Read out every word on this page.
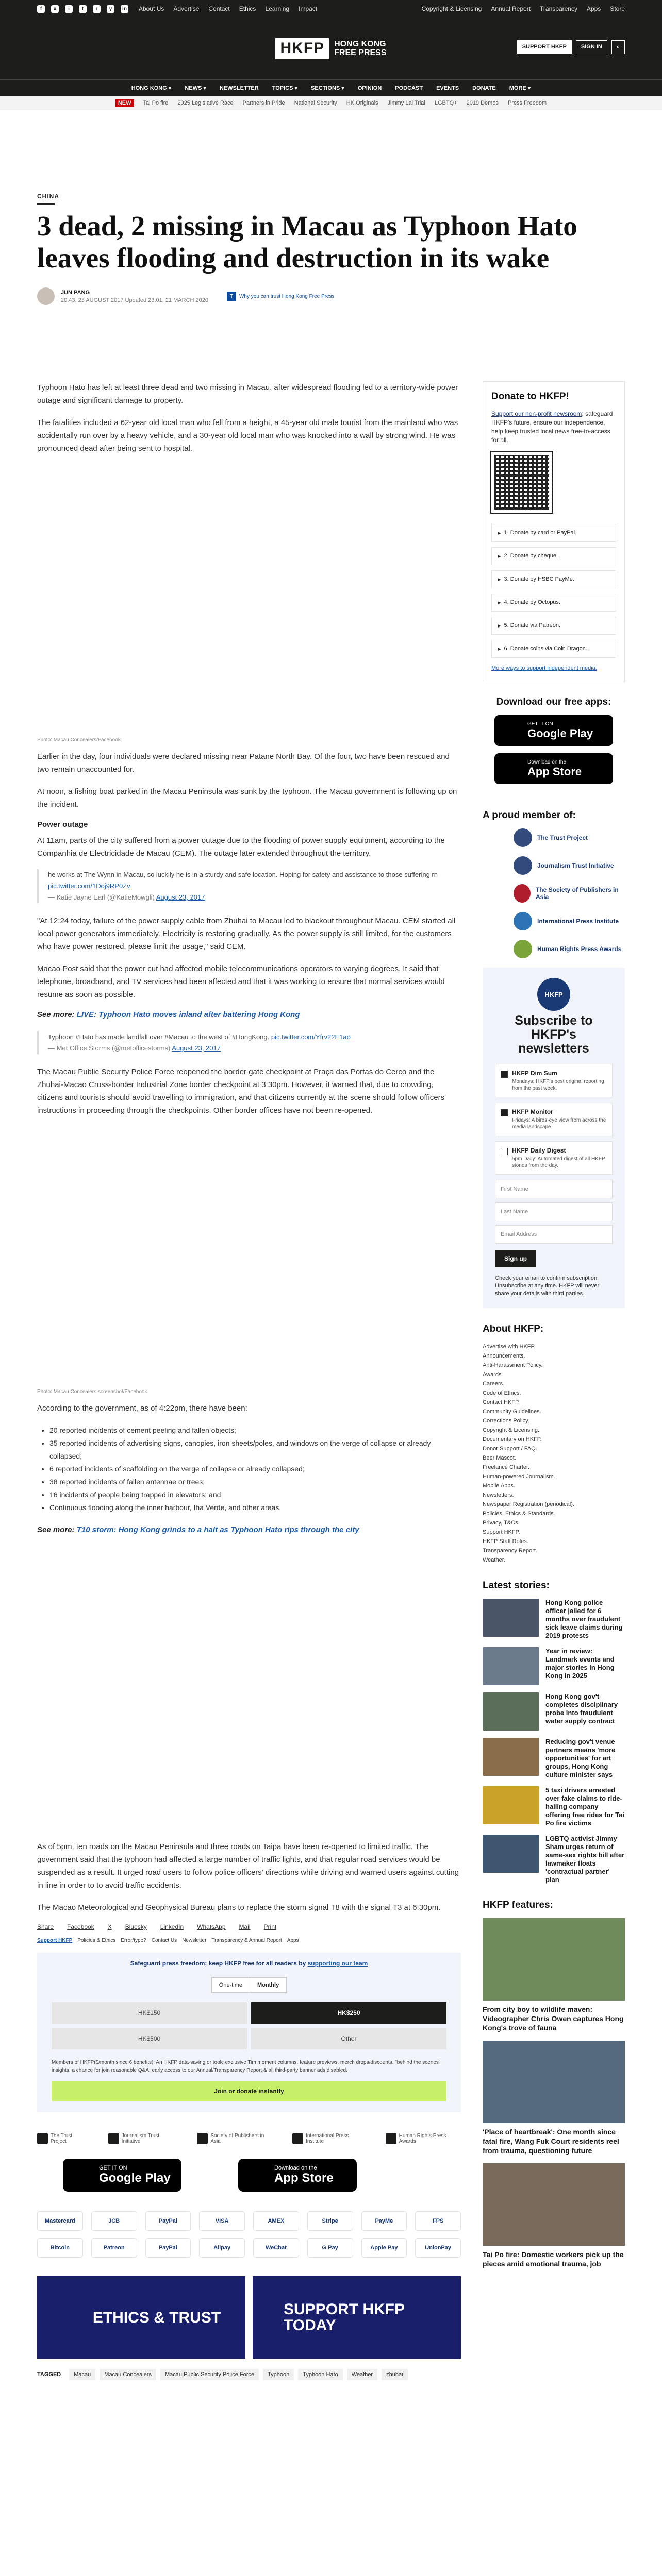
f	x	i	t	r	y	in About Us Advertise Contact Ethics Learning Impact	Copyright & Licensing Annual Report Transparency Apps Store
HKFP	HONG KONG
FREE PRESS
SUPPORT HKFP	SIGN IN	⌕
HONG KONG ▾ NEWS ▾ NEWSLETTER TOPICS ▾ SECTIONS ▾ OPINION PODCAST EVENTS DONATE MORE ▾
NEW	Tai Po fire 2025 Legislative Race Partners in Pride National Security HK Originals Jimmy Lai Trial LGBTQ+ 2019 Demos Press Freedom
CHINA
3 dead, 2 missing in Macau as Typhoon Hato leaves flooding and destruction in its wake
JUN PANG
20:43, 23 AUGUST 2017 Updated 23:01, 21 MARCH 2020
T	Why you can trust Hong Kong Free Press

Typhoon Hato has left at least three dead and two missing in Macau, after widespread flooding led to a territory-wide power outage and significant damage to property.

The fatalities included a 62-year old local man who fell from a height, a 45-year old male tourist from the mainland who was accidentally run over by a heavy vehicle, and a 30-year old local man who was knocked into a wall by strong wind. He was pronounced dead after being sent to hospital.

Photo: Macau Concealers/Facebook.

Earlier in the day, four individuals were declared missing near Patane North Bay. Of the four, two have been rescued and two remain unaccounted for.

At noon, a fishing boat parked in the Macau Peninsula was sunk by the typhoon. The Macau government is following up on the incident.

Power outage

At 11am, parts of the city suffered from a power outage due to the flooding of power supply equipment, according to the Companhia de Electricidade de Macau (CEM). The outage later extended throughout the territory.

he works at The Wynn in Macau, so luckily he is in a sturdy and safe location. Hoping for safety and assistance to those suffering rn pic.twitter.com/1Doj9RP0Zv
— Katie Jayne Earl (@KatieMowgli) August 23, 2017

"At 12:24 today, failure of the power supply cable from Zhuhai to Macau led to blackout throughout Macau. CEM started all local power generators immediately. Electricity is restoring gradually. As the power supply is still limited, for the customers who have power restored, please limit the usage," said CEM.

Macao Post said that the power cut had affected mobile telecommunications operators to varying degrees. It said that telephone, broadband, and TV services had been affected and that it was working to ensure that normal services would resume as soon as possible.

See more: LIVE: Typhoon Hato moves inland after battering Hong Kong
Typhoon #Hato has made landfall over #Macau to the west of #HongKong. pic.twitter.com/Yfrv22E1ao
— Met Office Storms (@metofficestorms) August 23, 2017

The Macau Public Security Police Force reopened the border gate checkpoint at Praça das Portas do Cerco and the Zhuhai-Macao Cross-border Industrial Zone border checkpoint at 3:30pm. However, it warned that, due to crowding, citizens and tourists should avoid travelling to immigration, and that citizens currently at the scene should follow officers' instructions in proceeding through the checkpoints. Other border offices have not been re-opened.

Photo: Macau Concealers screenshot/Facebook.

According to the government, as of 4:22pm, there have been:

• 20 reported incidents of cement peeling and fallen objects;
• 35 reported incidents of advertising signs, canopies, iron sheets/poles, and windows on the verge of collapse or already collapsed;
• 6 reported incidents of scaffolding on the verge of collapse or already collapsed;
• 38 reported incidents of fallen antennae or trees;
• 16 incidents of people being trapped in elevators; and
• Continuous flooding along the inner harbour, Iha Verde, and other areas.
See more: T10 storm: Hong Kong grinds to a halt as Typhoon Hato rips through the city

As of 5pm, ten roads on the Macau Peninsula and three roads on Taipa have been re-opened to limited traffic. The government said that the typhoon had affected a large number of traffic lights, and that regular road services would be suspended as a result. It urged road users to follow police officers' directions while driving and warned users against cutting in line in order to to avoid traffic accidents.

The Macao Meteorological and Geophysical Bureau plans to replace the storm signal T8 with the signal T3 at 6:30pm.

Share Facebook X Bluesky LinkedIn WhatsApp Mail Print
Support HKFP Policies & Ethics Error/typo? Contact Us Newsletter Transparency & Annual Report Apps
Safeguard press freedom; keep HKFP free for all readers by supporting our team
One-time	Monthly
HK$150	HK$250
HK$500	Other
Members of HKFP($/month since 6 benefits): An HKFP data-saving or toolc exclusive Tim moment columns. feature previews. merch drops/discounts. "behind the scenes" insights: a chance for join reasonable Q&A, early access to our Annual/Transparency Report & all third-party banner ads disabled.
Join or donate instantly
The Trust Project
Journalism Trust Initiative
Society of Publishers in Asia
International Press Institute
Human Rights Press Awards
GET IT ON
Google Play
Download on the
App Store
Mastercard	JCB	PayPal	VISA	AMEX	Stripe	PayMe	FPS
Bitcoin	Patreon	PayPal	Alipay	WeChat	G Pay	Apple Pay	UnionPay
ETHICS & TRUST	SUPPORT HKFP TODAY
TAGGED	Macau	Macau Concealers	Macau Public Security Police Force	Typhoon	Typhoon Hato	Weather	zhuhai
Donate to HKFP!

Support our non-profit newsroom: safeguard HKFP's future, ensure our independence, help keep trusted local news free-to-access for all.

▸ 1. Donate by card or PayPal.
▸ 2. Donate by cheque.
▸ 3. Donate by HSBC PayMe.
▸ 4. Donate by Octopus.
▸ 5. Donate via Patreon.
▸ 6. Donate coins via Coin Dragon.
More ways to support independent media.
Download our free apps:
GET IT ON
Google Play
Download on the
App Store
A proud member of:
The Trust Project
Journalism Trust Initiative
The Society of Publishers in Asia
International Press Institute
Human Rights Press Awards
HKFP
Subscribe to HKFP's newsletters
HKFP Dim Sum
Mondays: HKFP's best original reporting from the past week.
HKFP Monitor
Fridays: A birds-eye view from across the media landscape.
HKFP Daily Digest
5pm Daily: Automated digest of all HKFP stories from the day.
First Name
Last Name
Email Address
Sign up
Check your email to confirm subscription. Unsubscribe at any time. HKFP will never share your details with third parties.
About HKFP:
Advertise with HKFP.
Announcements.
Anti-Harassment Policy.
Awards.
Careers.
Code of Ethics.
Contact HKFP.
Community Guidelines.
Corrections Policy.
Copyright & Licensing.
Documentary on HKFP.
Donor Support / FAQ.
Beer Mascot.
Freelance Charter.
Human-powered Journalism.
Mobile Apps.
Newsletters.
Newspaper Registration (periodical).
Policies, Ethics & Standards.
Privacy, T&Cs.
Support HKFP.
HKFP Staff Roles.
Transparency Report.
Weather.
Latest stories:
Hong Kong police officer jailed for 6 months over fraudulent sick leave claims during 2019 protests
Year in review: Landmark events and major stories in Hong Kong in 2025
Hong Kong gov't completes disciplinary probe into fraudulent water supply contract
Reducing gov't venue partners means 'more opportunities' for art groups, Hong Kong culture minister says
5 taxi drivers arrested over fake claims to ride-hailing company offering free rides for Tai Po fire victims
LGBTQ activist Jimmy Sham urges return of same-sex rights bill after lawmaker floats 'contractual partner' plan
HKFP features:
From city boy to wildlife maven: Videographer Chris Owen captures Hong Kong's trove of fauna
'Place of heartbreak': One month since fatal fire, Wang Fuk Court residents reel from trauma, questioning future
Tai Po fire: Domestic workers pick up the pieces amid emotional trauma, job
